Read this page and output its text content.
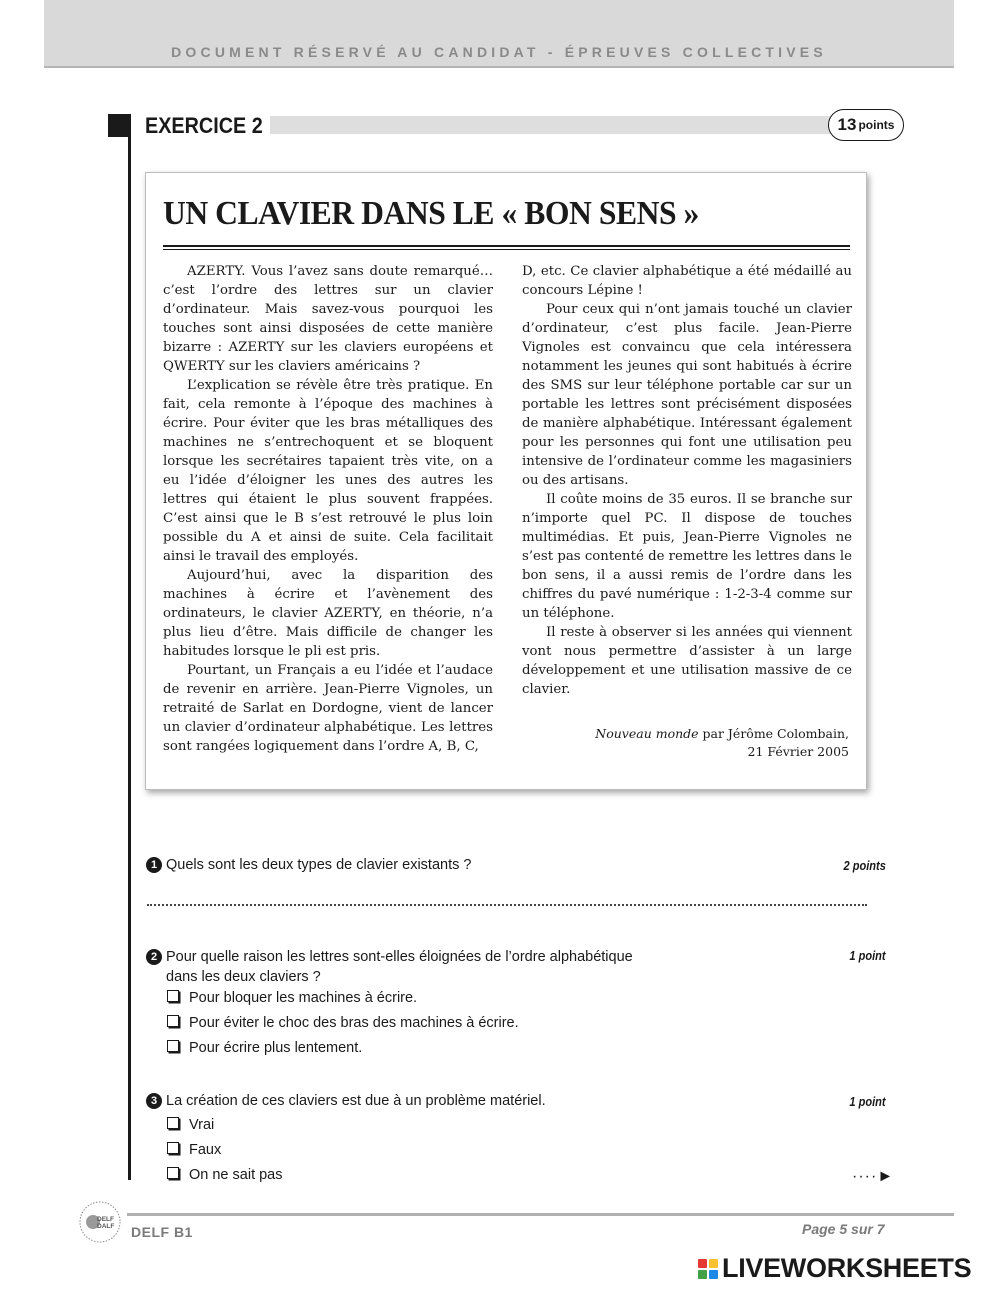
DOCUMENT RÉSERVÉ AU CANDIDAT - ÉPREUVES COLLECTIVES
EXERCICE 2	13 points
UN CLAVIER DANS LE « BON SENS »

AZERTY. Vous l’avez sans doute remarqué… c’est l’ordre des lettres sur un clavier d’ordinateur. Mais savez-vous pourquoi les touches sont ainsi disposées de cette manière bizarre : AZERTY sur les claviers européens et QWERTY sur les claviers américains ?

L’explication se révèle être très pratique. En fait, cela remonte à l’époque des machines à écrire. Pour éviter que les bras métalliques des machines ne s’entrechoquent et se bloquent lorsque les secrétaires tapaient très vite, on a eu l’idée d’éloigner les unes des autres les lettres qui étaient le plus souvent frappées. C’est ainsi que le B s’est retrouvé le plus loin possible du A et ainsi de suite. Cela facilitait ainsi le travail des employés.

Aujourd’hui, avec la disparition des machines à écrire et l’avènement des ordinateurs, le clavier AZERTY, en théorie, n’a plus lieu d’être. Mais difficile de changer les habitudes lorsque le pli est pris.

Pourtant, un Français a eu l’idée et l’audace de revenir en arrière. Jean-Pierre Vignoles, un retraité de Sarlat en Dordogne, vient de lancer un clavier d’ordinateur alphabétique. Les lettres sont rangées logiquement dans l’ordre A, B, C,

D, etc. Ce clavier alphabétique a été médaillé au concours Lépine !

Pour ceux qui n’ont jamais touché un clavier d’ordinateur, c’est plus facile. Jean-Pierre Vignoles est convaincu que cela intéressera notamment les jeunes qui sont habitués à écrire des SMS sur leur téléphone portable car sur un portable les lettres sont précisément disposées de manière alphabétique. Intéressant également pour les personnes qui font une utilisation peu intensive de l’ordinateur comme les magasiniers ou des artisans.

Il coûte moins de 35 euros. Il se branche sur n’importe quel PC. Il dispose de touches multimédias. Et puis, Jean-Pierre Vignoles ne s’est pas contenté de remettre les lettres dans le bon sens, il a aussi remis de l’ordre dans les chiffres du pavé numérique : 1-2-3-4 comme sur un téléphone.

Il reste à observer si les années qui viennent vont nous permettre d’assister à un large développement et une utilisation massive de ce clavier.

Nouveau monde par Jérôme Colombain,
21 Février 2005
1 Quels sont les deux types de clavier existants ?	2 points
2 Pour quelle raison les lettres sont-elles éloignées de l’ordre alphabétique
dans les deux claviers ?
1 point
Pour bloquer les machines à écrire.
Pour éviter le choc des bras des machines à écrire.
Pour écrire plus lentement.
3 La création de ces claviers est due à un problème matériel.	1 point
Vrai
Faux
On ne sait pas	····►
DELF
DALF DELF B1	Page 5 sur 7
LIVEWORKSHEETS
